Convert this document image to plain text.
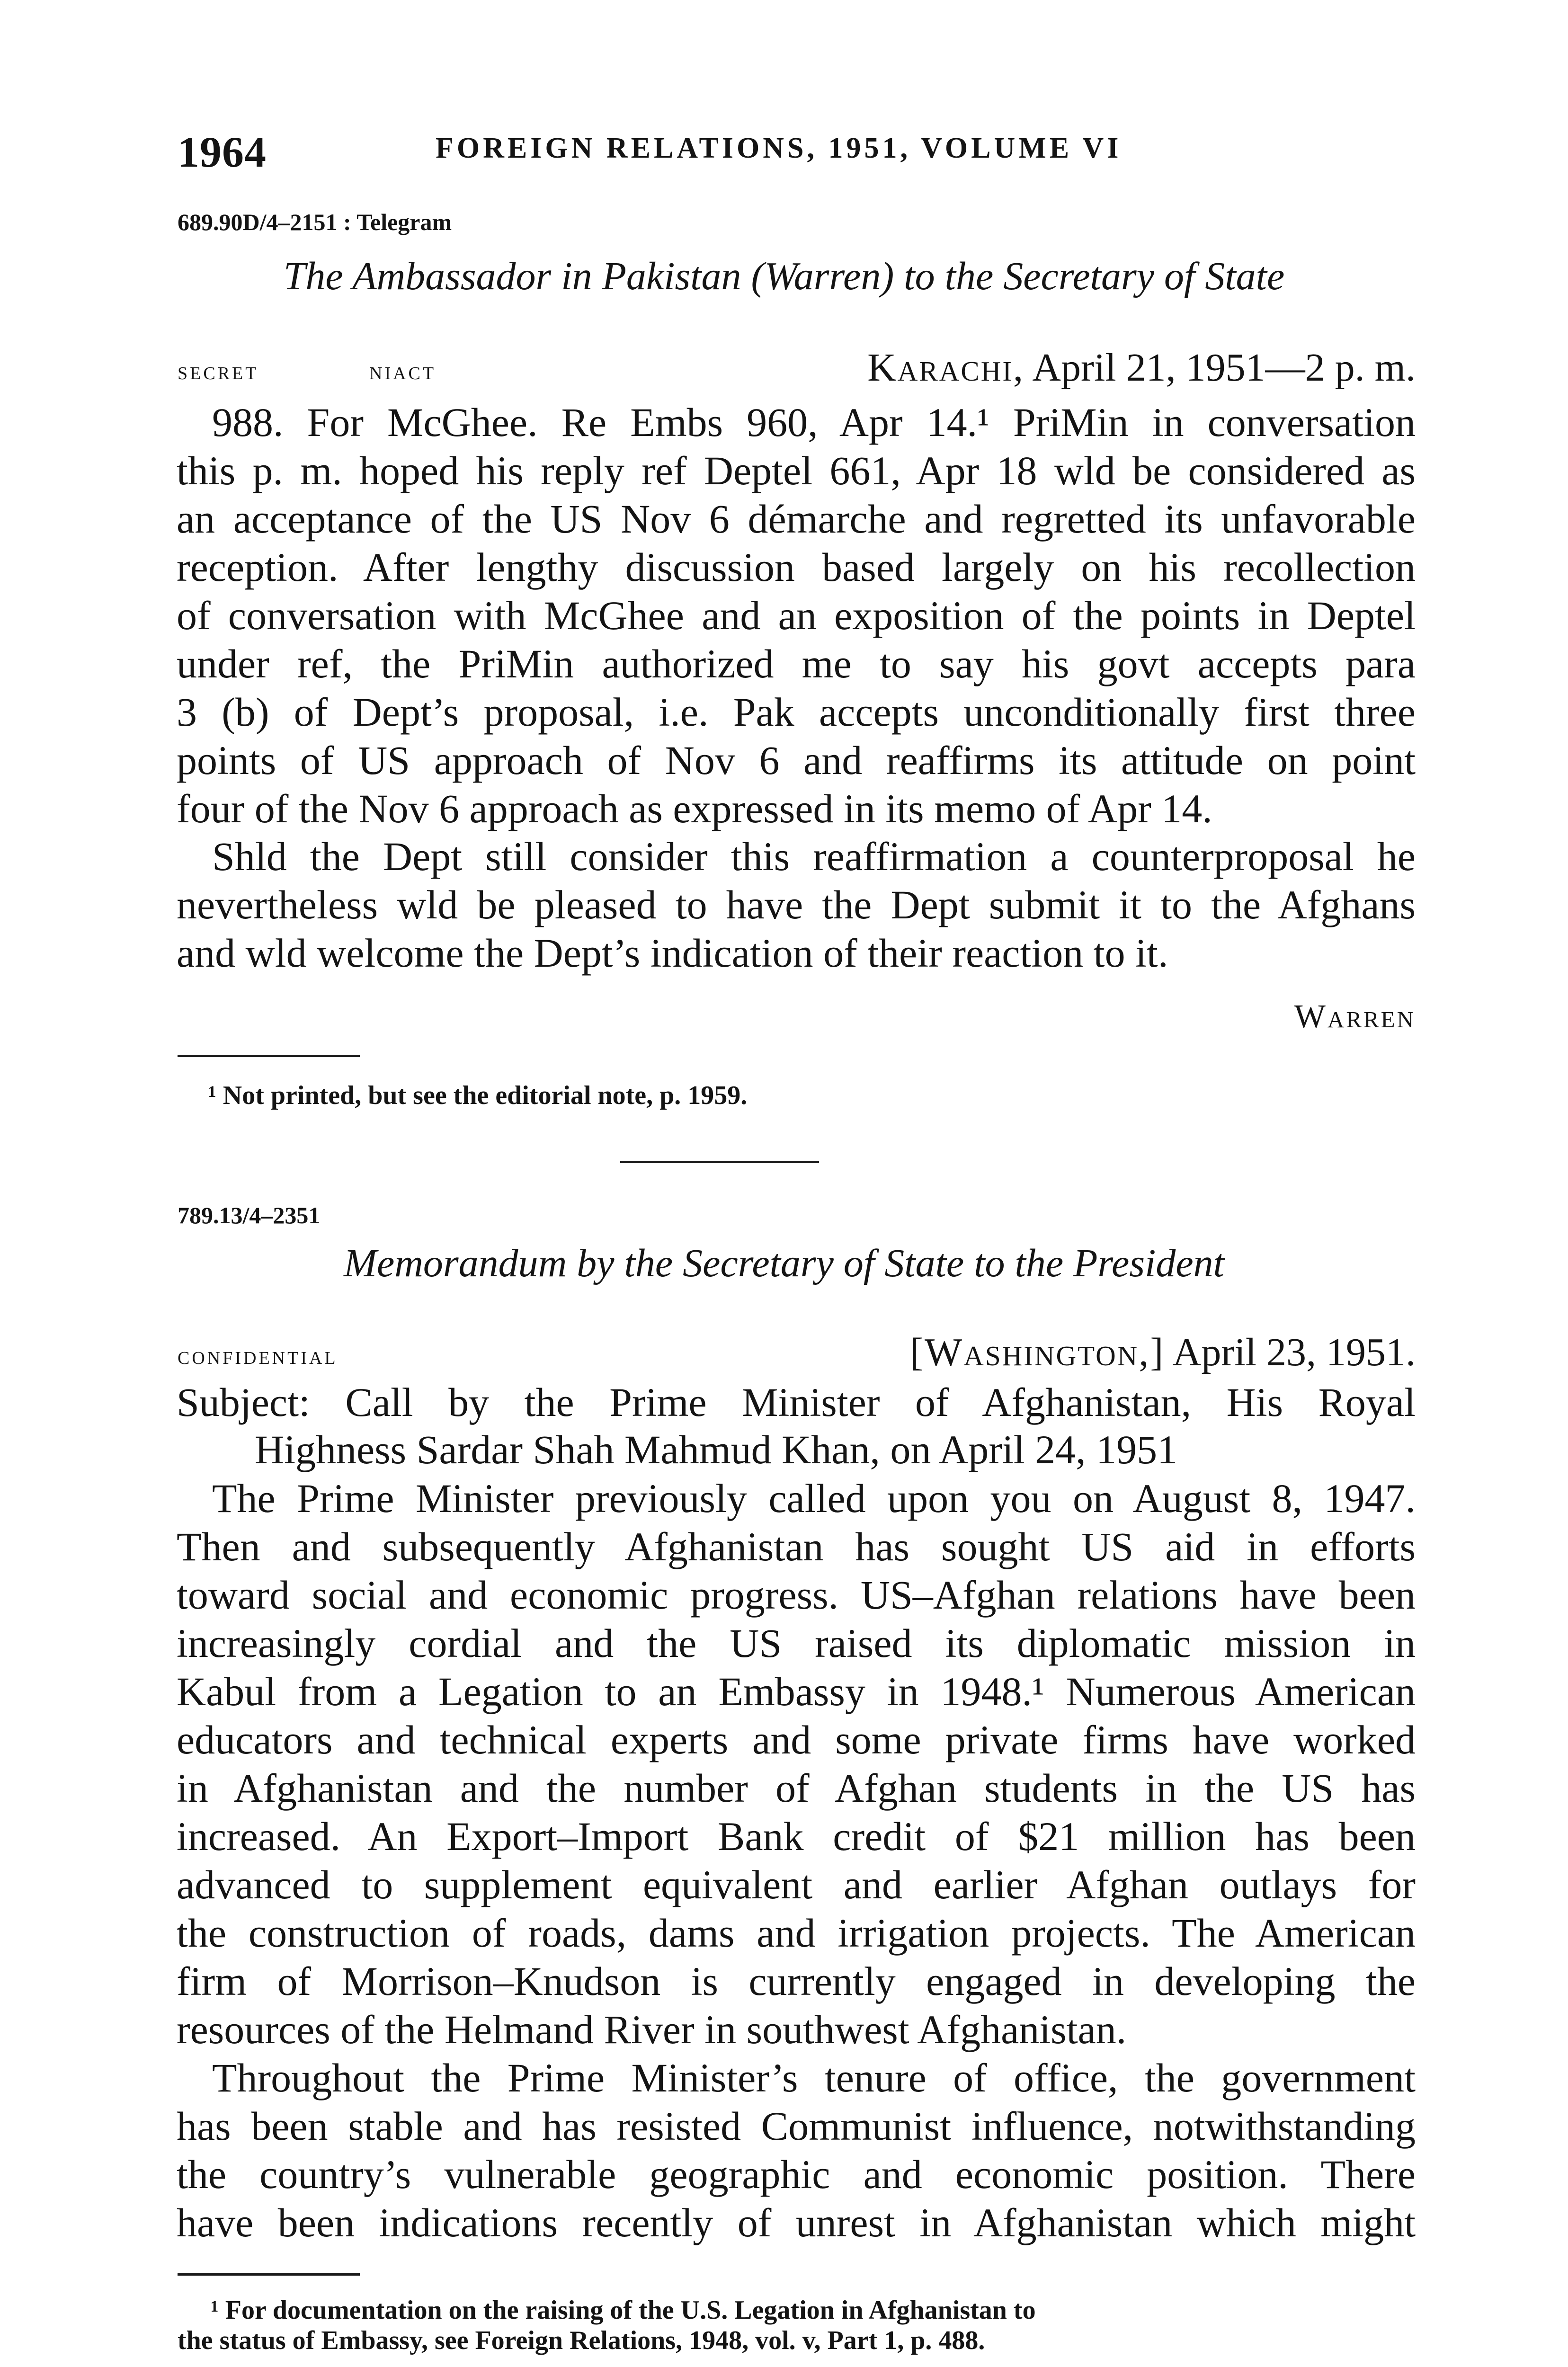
1964	FOREIGN RELATIONS, 1951, VOLUME VI
689.90D/4–2151 : Telegram
The Ambassador in Pakistan (Warren) to the Secretary of State
secret	niact	Karachi, April 21, 1951—2 p. m.
988. For McGhee. Re Embs 960, Apr 14.¹ PriMin in conversation
this p. m. hoped his reply ref Deptel 661, Apr 18 wld be considered as
an acceptance of the US Nov 6 démarche and regretted its unfavorable
reception. After lengthy discussion based largely on his recollection
of conversation with McGhee and an exposition of the points in Deptel
under ref, the PriMin authorized me to say his govt accepts para
3 (b) of Dept’s proposal, i.e. Pak accepts unconditionally first three
points of US approach of Nov 6 and reaffirms its attitude on point
four of the Nov 6 approach as expressed in its memo of Apr 14.
Shld the Dept still consider this reaffirmation a counterproposal he
nevertheless wld be pleased to have the Dept submit it to the Afghans
and wld welcome the Dept’s indication of their reaction to it.
Warren
¹ Not printed, but see the editorial note, p. 1959.
789.13/4–2351
Memorandum by the Secretary of State to the President
confidential	[Washington,] April 23, 1951.
Subject: Call by the Prime Minister of Afghanistan, His Royal
Highness Sardar Shah Mahmud Khan, on April 24, 1951
The Prime Minister previously called upon you on August 8, 1947.
Then and subsequently Afghanistan has sought US aid in efforts
toward social and economic progress. US–Afghan relations have been
increasingly cordial and the US raised its diplomatic mission in
Kabul from a Legation to an Embassy in 1948.¹ Numerous American
educators and technical experts and some private firms have worked
in Afghanistan and the number of Afghan students in the US has
increased. An Export–Import Bank credit of $21 million has been
advanced to supplement equivalent and earlier Afghan outlays for
the construction of roads, dams and irrigation projects. The American
firm of Morrison–Knudson is currently engaged in developing the
resources of the Helmand River in southwest Afghanistan.
Throughout the Prime Minister’s tenure of office, the government
has been stable and has resisted Communist influence, notwithstanding
the country’s vulnerable geographic and economic position. There
have been indications recently of unrest in Afghanistan which might
¹ For documentation on the raising of the U.S. Legation in Afghanistan to
the status of Embassy, see Foreign Relations, 1948, vol. v, Part 1, p. 488.
